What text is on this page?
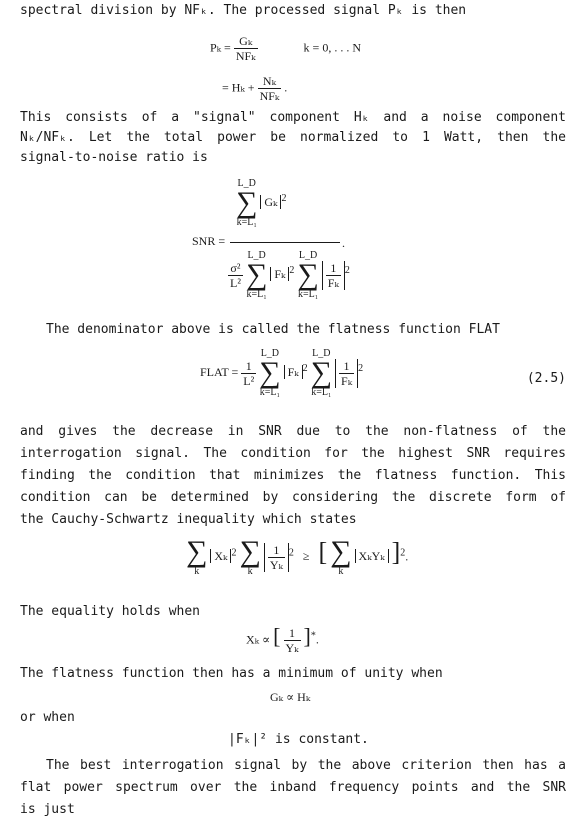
spectral division by NFₖ. The processed signal Pₖ is then
$P_k = \frac{\text{Gₖ}}{\text{NFₖ}}$	k = 0, . . . N
= $H_k + \frac{\text{Nₖ}}{\text{NFₖ}}$ .
This consists of a "signal" component Hₖ and a noise component
Nₖ/NFₖ. Let the total power be normalized to 1 Watt, then the
signal-to-noise ratio is
SNR =
L_D
∑
k=L₁
Gₖ $^2$
.
$\frac{\text{σ²}}{\text{L²}}$

L_D
∑
k=L₁
Fₖ $^2$
L_D
∑
k=L₁

$\frac{1}{\text{Fₖ}} ^2$
The denominator above is called the flatness function FLAT
FLAT = $\frac{1}{\text{L²}}$

L_D
∑
k=L₁
Fₖ $^2$
L_D
∑
k=L₁

$\frac{1}{\text{Fₖ}} ^2$
(2.5)
and gives the decrease in SNR due to the non-flatness of the
interrogation signal. The condition for the highest SNR requires
finding the condition that minimizes the flatness function. This
condition can be determined by considering the discrete form of
the Cauchy-Schwartz inequality which states
∑
k
Xₖ $^2$ ∑
k
	$\frac{1}{\text{Yₖ}} ^2$ ≥ [ ∑
k
XₖYₖ ]$^2$.
The equality holds when
Xₖ ∝ [ $\frac{1}{\text{Yₖ}} ]^*$.
The flatness function then has a minimum of unity when
Gₖ ∝ Hₖ
or when
|Fₖ|² is constant.
The best interrogation signal by the above criterion then has a
flat power spectrum over the inband frequency points and the SNR
is just
